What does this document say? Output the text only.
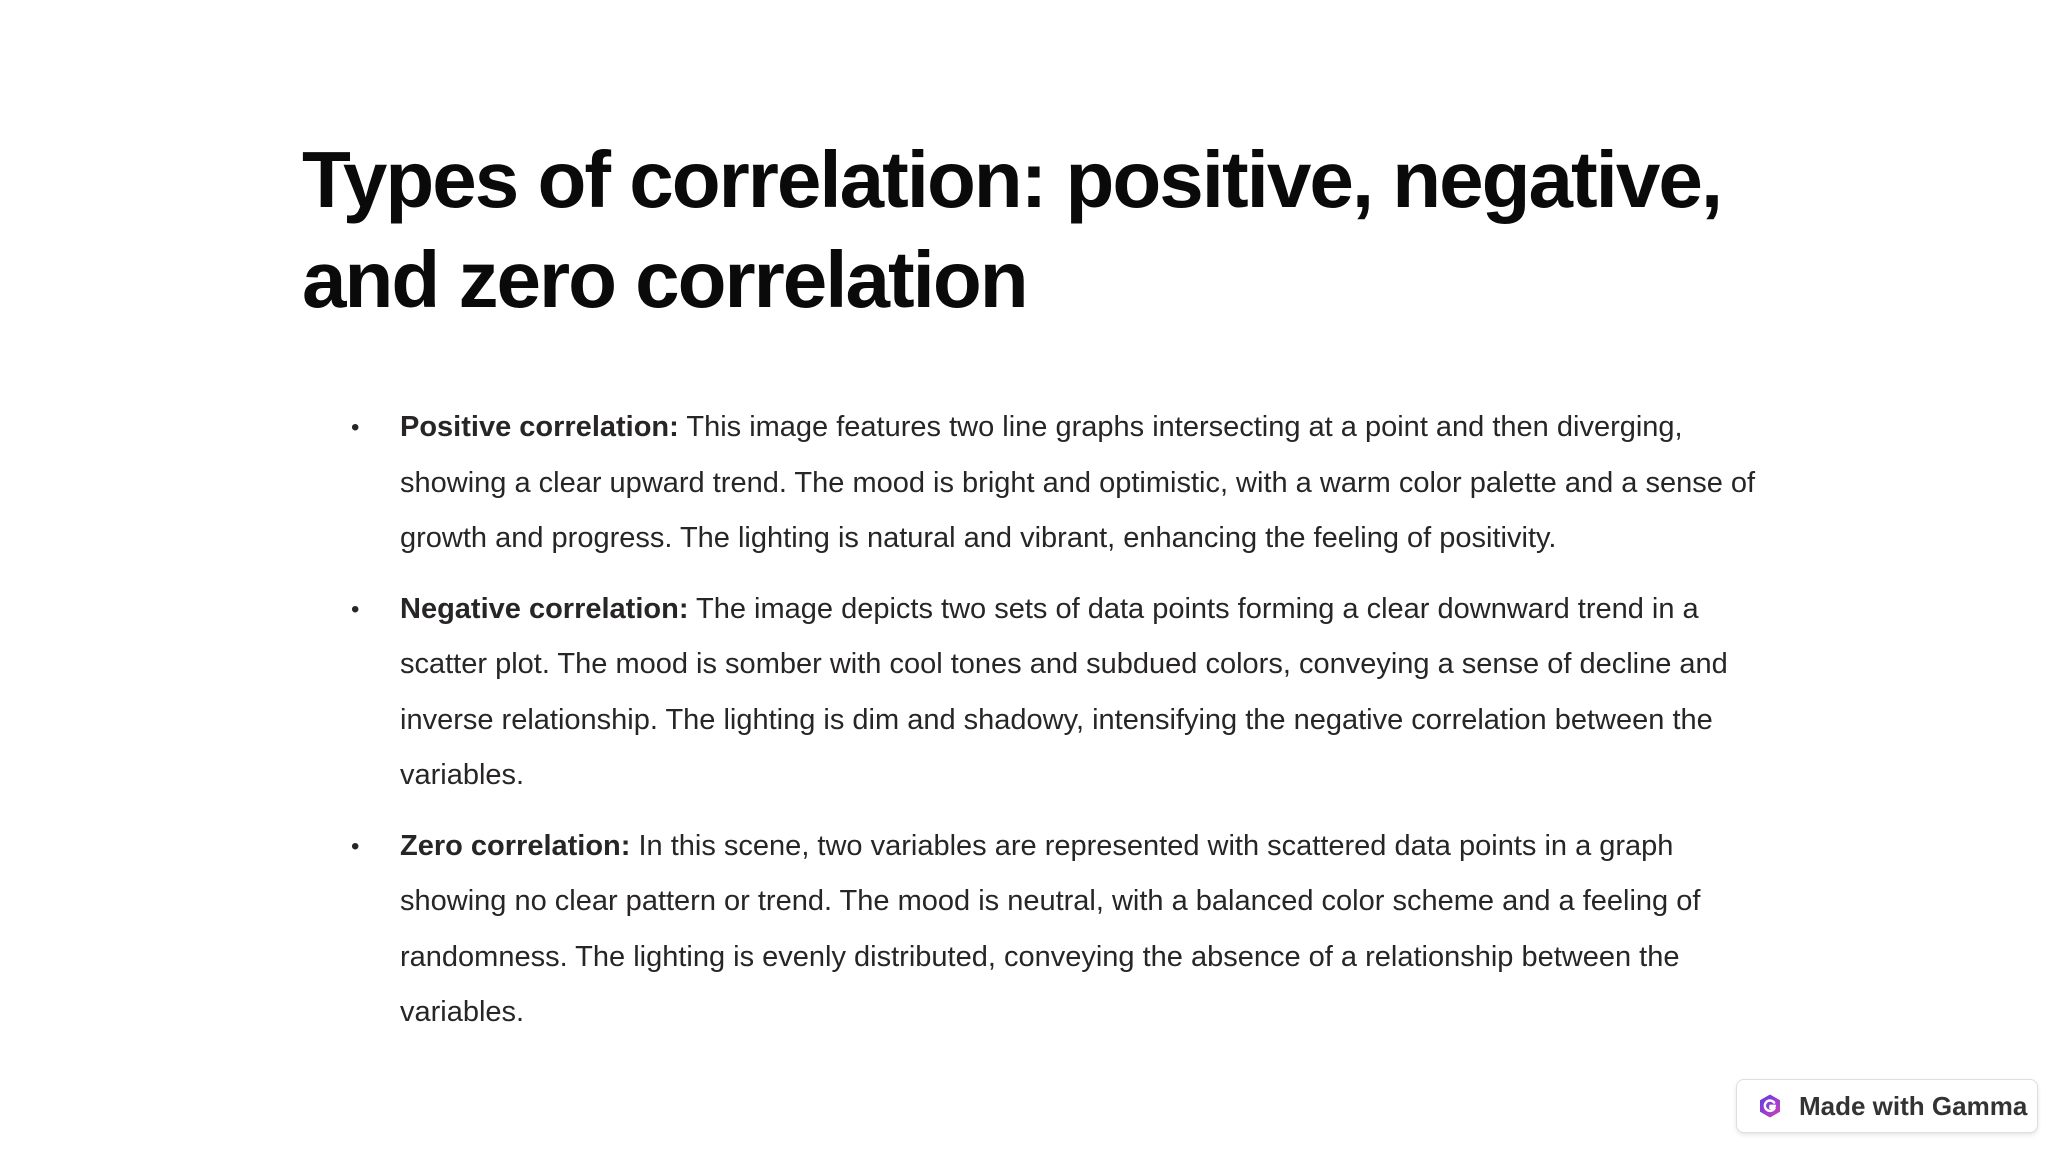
Types of correlation: positive, negative, and zero correlation
• Positive correlation: This image features two line graphs intersecting at a point and then diverging, showing a clear upward trend. The mood is bright and optimistic, with a warm color palette and a sense of growth and progress. The lighting is natural and vibrant, enhancing the feeling of positivity.
• Negative correlation: The image depicts two sets of data points forming a clear downward trend in a scatter plot. The mood is somber with cool tones and subdued colors, conveying a sense of decline and inverse relationship. The lighting is dim and shadowy, intensifying the negative correlation between the variables.
• Zero correlation: In this scene, two variables are represented with scattered data points in a graph showing no clear pattern or trend. The mood is neutral, with a balanced color scheme and a feeling of randomness. The lighting is evenly distributed, conveying the absence of a relationship between the variables.
Made with Gamma
